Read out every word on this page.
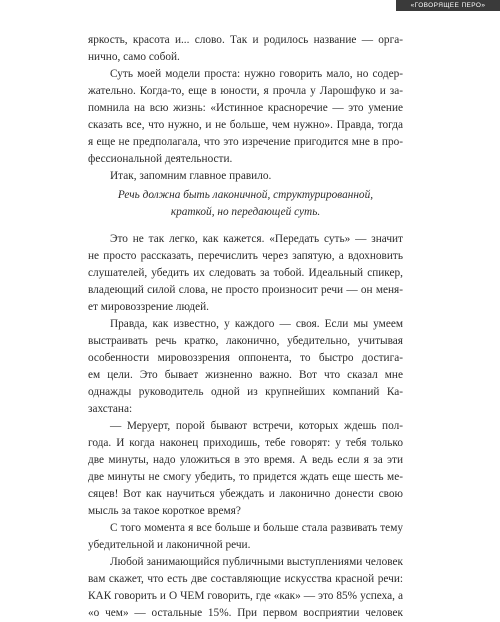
«ГОВОРЯЩЕЕ ПЕРО»
яркость, красота и... слово. Так и родилось название — орга-
нично, само собой.
Суть моей модели проста: нужно говорить мало, но содер-
жательно. Когда-то, еще в юности, я прочла у Ларошфуко и за-
помнила на всю жизнь: «Истинное красноречие — это умение
сказать все, что нужно, и не больше, чем нужно». Правда, тогда
я еще не предполагала, что это изречение пригодится мне в про-
фессиональной деятельности.
Итак, запомним главное правило.
Речь должна быть лаконичной, структурированной,
краткой, но передающей суть.
Это не так легко, как кажется. «Передать суть» — значит
не просто рассказать, перечислить через запятую, а вдохновить
слушателей, убедить их следовать за тобой. Идеальный спикер,
владеющий силой слова, не просто произносит речи — он меня-
ет мировоззрение людей.
Правда, как известно, у каждого — своя. Если мы умеем
выстраивать речь кратко, лаконично, убедительно, учитывая
особенности мировоззрения оппонента, то быстро достига-
ем цели. Это бывает жизненно важно. Вот что сказал мне
однажды руководитель одной из крупнейших компаний Ка-
захстана:
— Меруерт, порой бывают встречи, которых ждешь пол-
года. И когда наконец приходишь, тебе говорят: у тебя только
две минуты, надо уложиться в это время. А ведь если я за эти
две минуты не смогу убедить, то придется ждать еще шесть ме-
сяцев! Вот как научиться убеждать и лаконично донести свою
мысль за такое короткое время?
С того момента я все больше и больше стала развивать тему
убедительной и лаконичной речи.
Любой занимающийся публичными выступлениями человек
вам скажет, что есть две составляющие искусства красной речи:
КАК говорить и О ЧЕМ говорить, где «как» — это 85% успеха, а
«о чем» — остальные 15%. При первом восприятии человек
